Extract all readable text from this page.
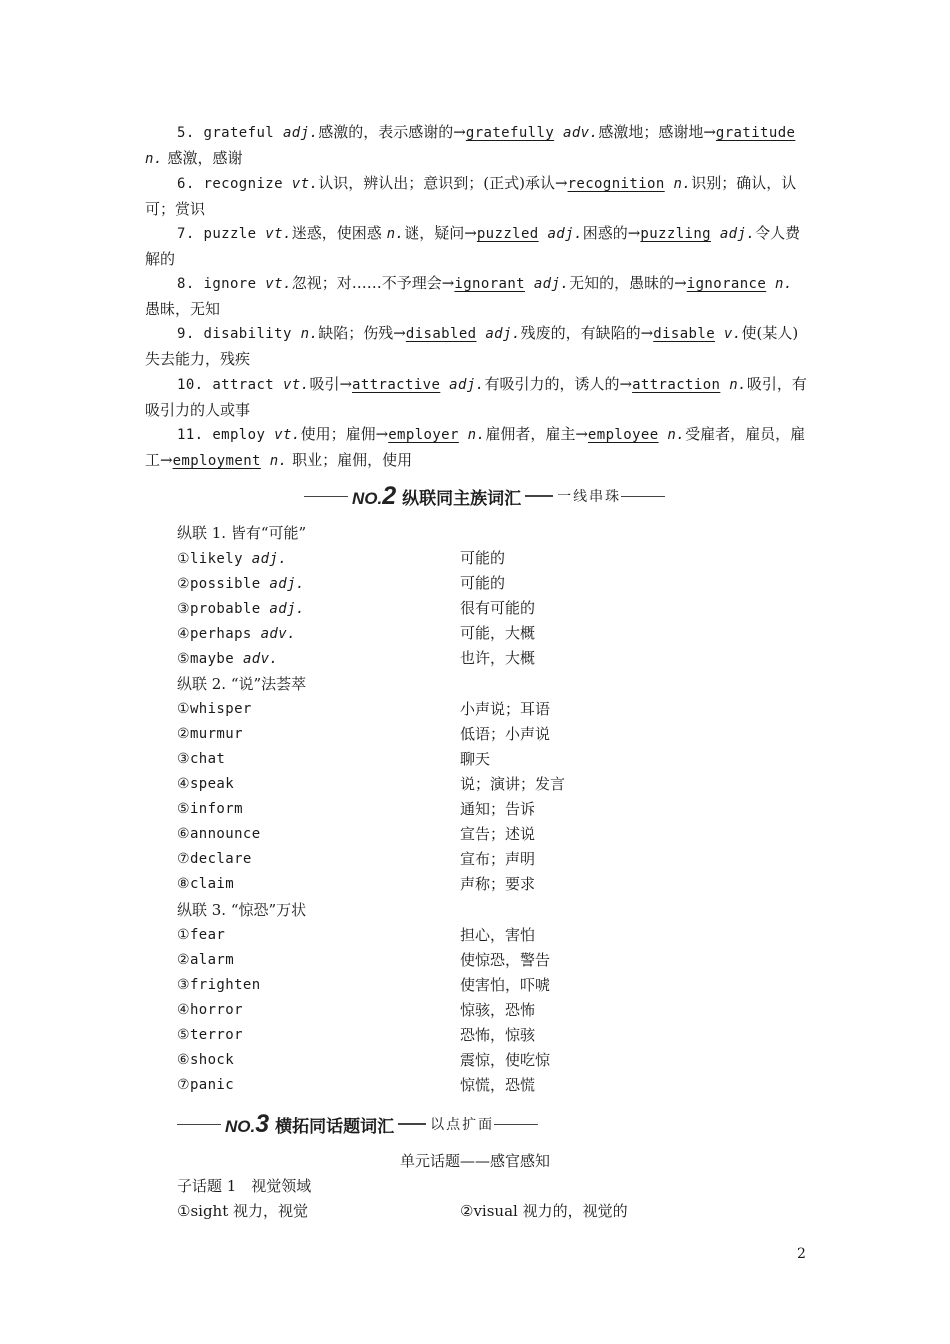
5. grateful adj.感激的，表示感谢的→gratefully adv.感激地；感谢地→gratitude
n. 感激，感谢

6. recognize vt.认识，辨认出；意识到；(正式)承认→recognition n.识别；确认，认
可；赏识

7. puzzle vt.迷惑，使困惑 n.谜，疑问→puzzled adj.困惑的→puzzling adj.令人费
解的

8. ignore vt.忽视；对……不予理会→ignorant adj.无知的，愚昧的→ignorance n.
愚昧，无知

9. disability n.缺陷；伤残→disabled adj.残废的，有缺陷的→disable v.使(某人)
失去能力，残疾

10. attract vt.吸引→attractive adj.有吸引力的，诱人的→attraction n.吸引，有
吸引力的人或事

11. employ vt.使用；雇佣→employer n.雇佣者，雇主→employee n.受雇者，雇员，雇
工→employment n. 职业；雇佣，使用

NO.2 纵联同主族词汇	一线串珠
纵联 1. 皆有“可能”
①likely adj.	可能的
②possible adj.	可能的
③probable adj.	很有可能的
④perhaps adv.	可能，大概
⑤maybe adv.	也许，大概
纵联 2. “说”法荟萃
①whisper	小声说；耳语
②murmur	低语；小声说
③chat	聊天
④speak	说；演讲；发言
⑤inform	通知；告诉
⑥announce	宣告；述说
⑦declare	宣布；声明
⑧claim	声称；要求
纵联 3. “惊恐”万状
①fear	担心，害怕
②alarm	使惊恐，警告
③frighten	使害怕，吓唬
④horror	惊骇，恐怖
⑤terror	恐怖，惊骇
⑥shock	震惊，使吃惊
⑦panic	惊慌，恐慌
NO.3 横拓同话题词汇	以点扩面
单元话题——感官感知
子话题 1　视觉领域
①sight 视力，视觉	②visual 视力的，视觉的
2
